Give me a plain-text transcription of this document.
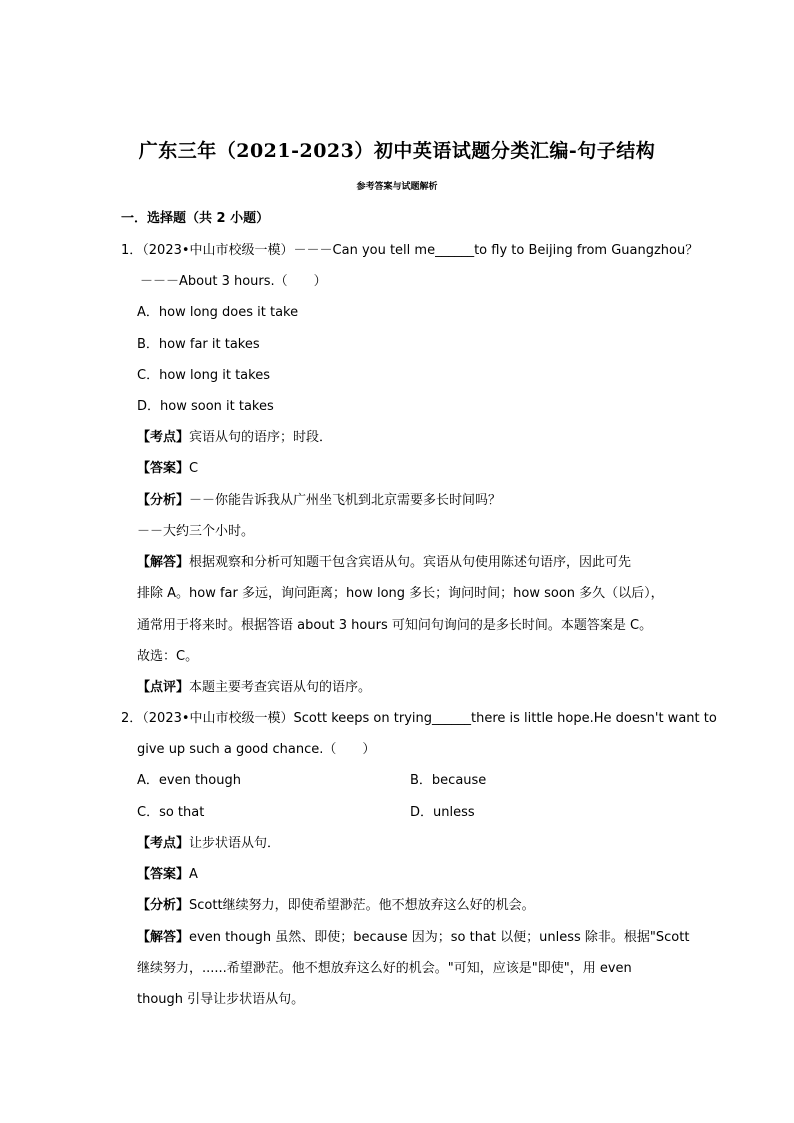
广东三年（2021-2023）初中英语试题分类汇编-句子结构
参考答案与试题解析
一．选择题（共 2 小题）
1．（2023•中山市校级一模）－－－Can you tell me______to fly to Beijing from Guangzhou？
－－－About 3 hours.（　　）
A．how long does it take
B．how far it takes
C．how long it takes
D．how soon it takes
【考点】宾语从句的语序；时段．
【答案】C
【分析】－－你能告诉我从广州坐飞机到北京需要多长时间吗？
－－大约三个小时。
【解答】根据观察和分析可知题干包含宾语从句。宾语从句使用陈述句语序，因此可先
排除 A。how far 多远，询问距离；how long 多长；询问时间；how soon 多久（以后），
通常用于将来时。根据答语 about 3 hours 可知问句询问的是多长时间。本题答案是 C。
故选：C。
【点评】本题主要考查宾语从句的语序。
2．（2023•中山市校级一模）Scott keeps on trying______there is little hope.He doesn't want to
give up such a good chance.（　　）
A．even though	B．because
C．so that	D．unless
【考点】让步状语从句．
【答案】A
【分析】Scott继续努力，即使希望渺茫。他不想放弃这么好的机会。
【解答】even though 虽然、即使；because 因为；so that 以便；unless 除非。根据"Scott
继续努力，......希望渺茫。他不想放弃这么好的机会。"可知，应该是"即使"，用 even
though 引导让步状语从句。
